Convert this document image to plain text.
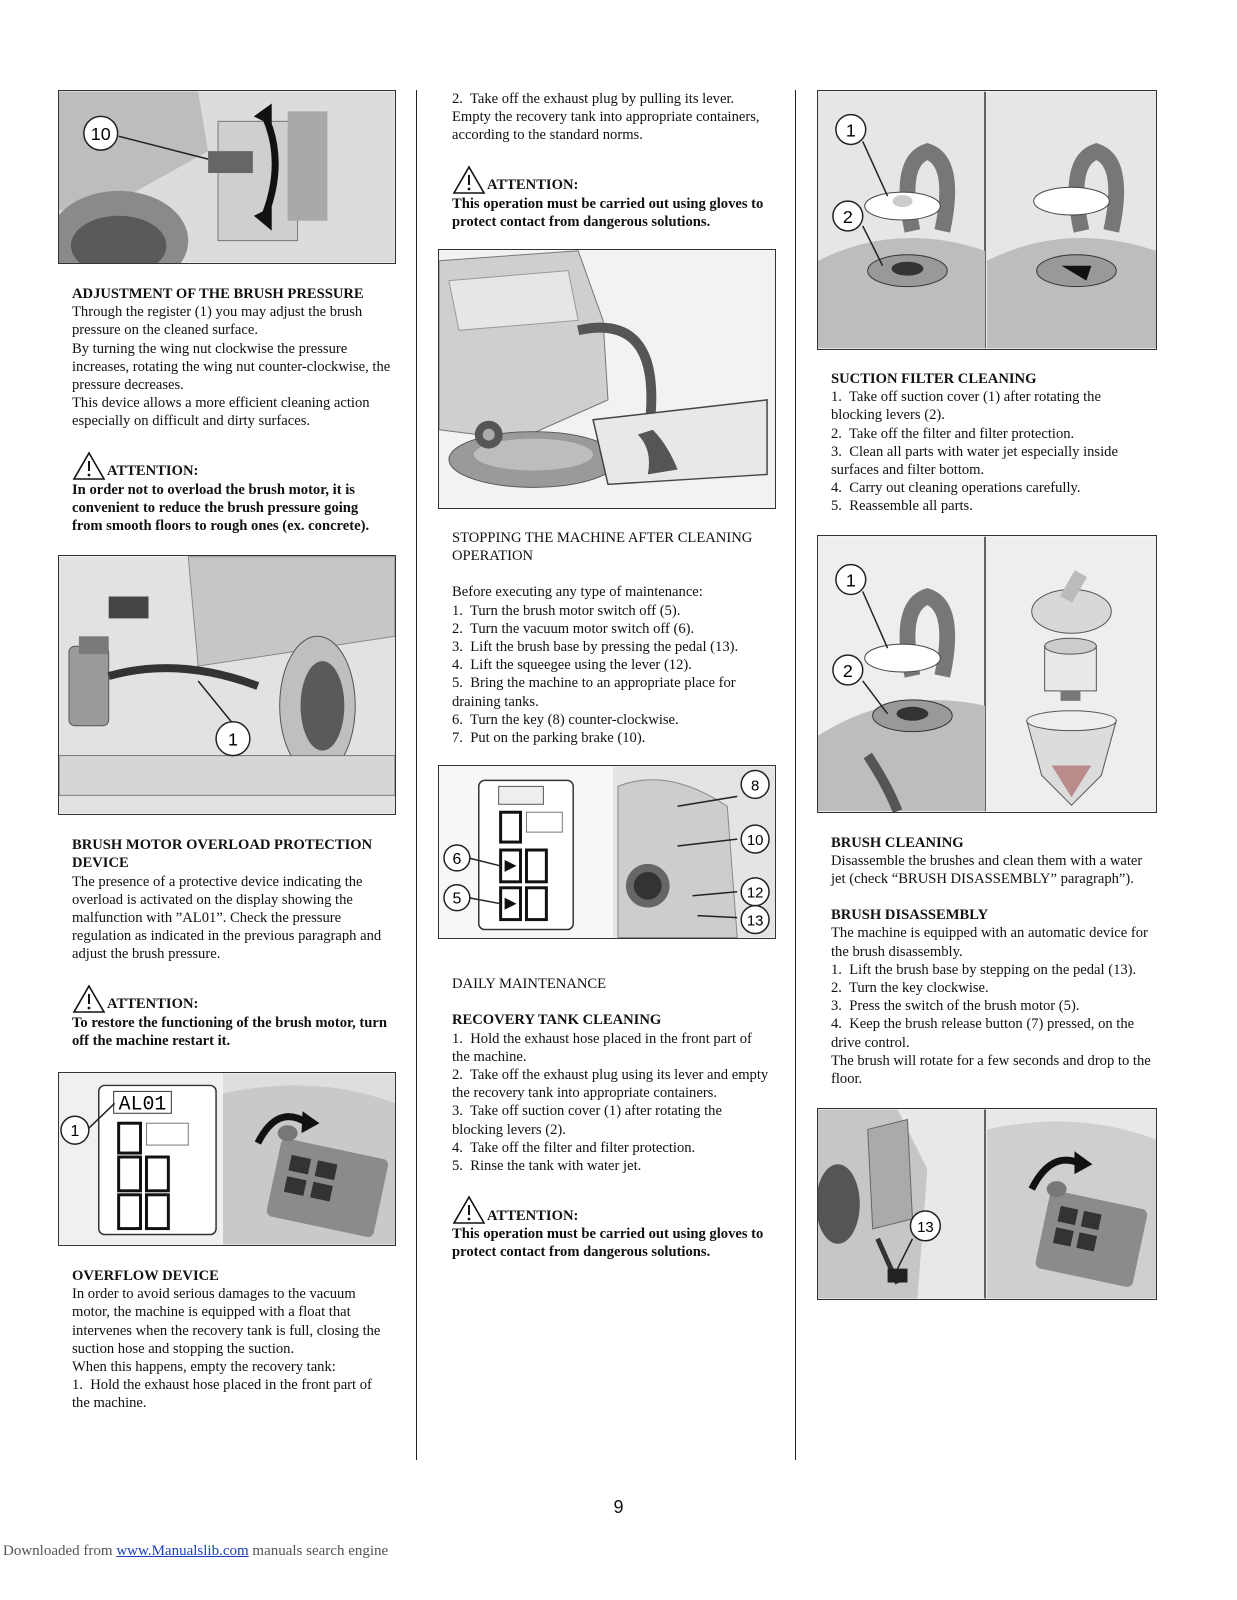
10
ADJUSTMENT OF THE BRUSH PRESSURE

Through the register (1) you may adjust the brush pressure on the cleaned surface.

By turning the wing nut clockwise the pressure increases, rotating the wing nut counter-clockwise, the pressure decreases.

This device allows a more efficient cleaning action especially on difficult and dirty surfaces.

ATTENTION:

In order not to overload the brush motor, it is convenient to reduce the brush pressure going from smooth floors to rough ones (ex. concrete).

1
BRUSH MOTOR OVERLOAD PROTECTION DEVICE

The presence of a protective device indicating the overload is activated on the display showing the malfunction with ”AL01”. Check the pressure regulation as indicated in the previous paragraph and adjust the brush pressure.

ATTENTION:

To restore the functioning of the brush motor, turn off the machine restart it.

AL01
1
OVERFLOW DEVICE

In order to avoid serious damages to the vacuum motor, the machine is equipped with a float that intervenes when the recovery tank is full, closing the suction hose and stopping the suction.

When this happens, empty the recovery tank:

1.  Hold the exhaust hose placed in the front part of the machine.

2.  Take off the exhaust plug by pulling its lever. Empty the recovery tank into appropriate containers, according to the standard norms.

ATTENTION:

This operation must be carried out using gloves to protect contact from dangerous solutions.

STOPPING THE MACHINE AFTER CLEANING OPERATION

Before executing any type of maintenance:

1.  Turn the brush motor switch off (5).
2.  Turn the vacuum motor switch off (6).
3.  Lift the brush base by pressing the pedal (13).
4.  Lift the squeegee using the lever (12).
5.  Bring the machine to an appropriate place for draining tanks.
6.  Turn the key (8) counter-clockwise.
7.  Put on the parking brake (10).
6
5
8
10
12
13

DAILY MAINTENANCE

RECOVERY TANK CLEANING
1.  Hold the exhaust hose placed in the front part of the machine.
2.  Take off the exhaust plug using its lever and empty the recovery tank into appropriate containers.
3.  Take off suction cover (1) after rotating the blocking levers (2).
4.  Take off the filter and filter protection.
5.  Rinse the tank with water jet.
ATTENTION:

This operation must be carried out using gloves to protect contact from dangerous solutions.

1
2
SUCTION FILTER CLEANING
1.  Take off suction cover (1) after rotating the blocking levers (2).
2.  Take off the filter and filter protection.
3.  Clean all parts with water jet especially inside surfaces and filter bottom.
4.  Carry out cleaning operations carefully.
5.  Reassemble all parts.
1
2
BRUSH CLEANING

Disassemble the brushes and clean them with a water jet (check “BRUSH DISASSEMBLY” paragraph”).

BRUSH DISASSEMBLY

The machine is equipped with an automatic device for the brush disassembly.

1.  Lift the brush base by stepping on the pedal (13).
2.  Turn the key clockwise.
3.  Press the switch of the brush motor (5).
4.  Keep the brush release button (7) pressed, on the drive control.

The brush will rotate for a few seconds and drop to the floor.

13
9
Downloaded from www.Manualslib.com manuals search engine
